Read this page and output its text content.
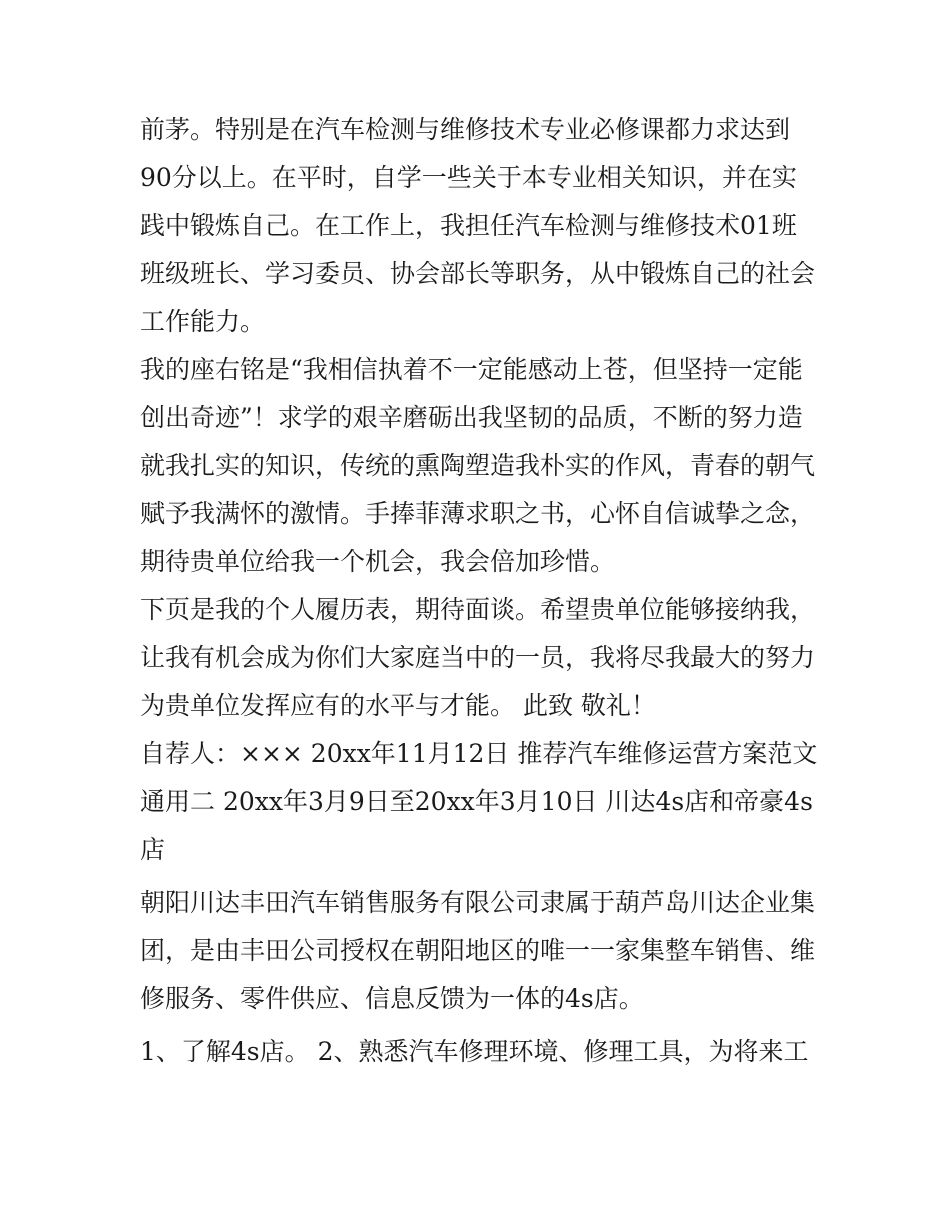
前茅。特别是在汽车检测与维修技术专业必修课都力求达到90分以上。在平时，自学一些关于本专业相关知识，并在实践中锻炼自己。在工作上，我担任汽车检测与维修技术01班班级班长、学习委员、协会部长等职务，从中锻炼自己的社会工作能力。

我的座右铭是“我相信执着不一定能感动上苍，但坚持一定能创出奇迹”！求学的艰辛磨砺出我坚韧的品质，不断的努力造就我扎实的知识，传统的熏陶塑造我朴实的作风，青春的朝气赋予我满怀的激情。手捧菲薄求职之书，心怀自信诚挚之念，期待贵单位给我一个机会，我会倍加珍惜。

下页是我的个人履历表，期待面谈。希望贵单位能够接纳我，让我有机会成为你们大家庭当中的一员，我将尽我最大的努力为贵单位发挥应有的水平与才能。 此致 敬礼！

自荐人：××× 20xx年11月12日 推荐汽车维修运营方案范文通用二 20xx年3月9日至20xx年3月10日 川达4s店和帝豪4s店

朝阳川达丰田汽车销售服务有限公司隶属于葫芦岛川达企业集团，是由丰田公司授权在朝阳地区的唯一一家集整车销售、维修服务、零件供应、信息反馈为一体的4s店。

1、了解4s店。 2、熟悉汽车修理环境、修理工具，为将来工
